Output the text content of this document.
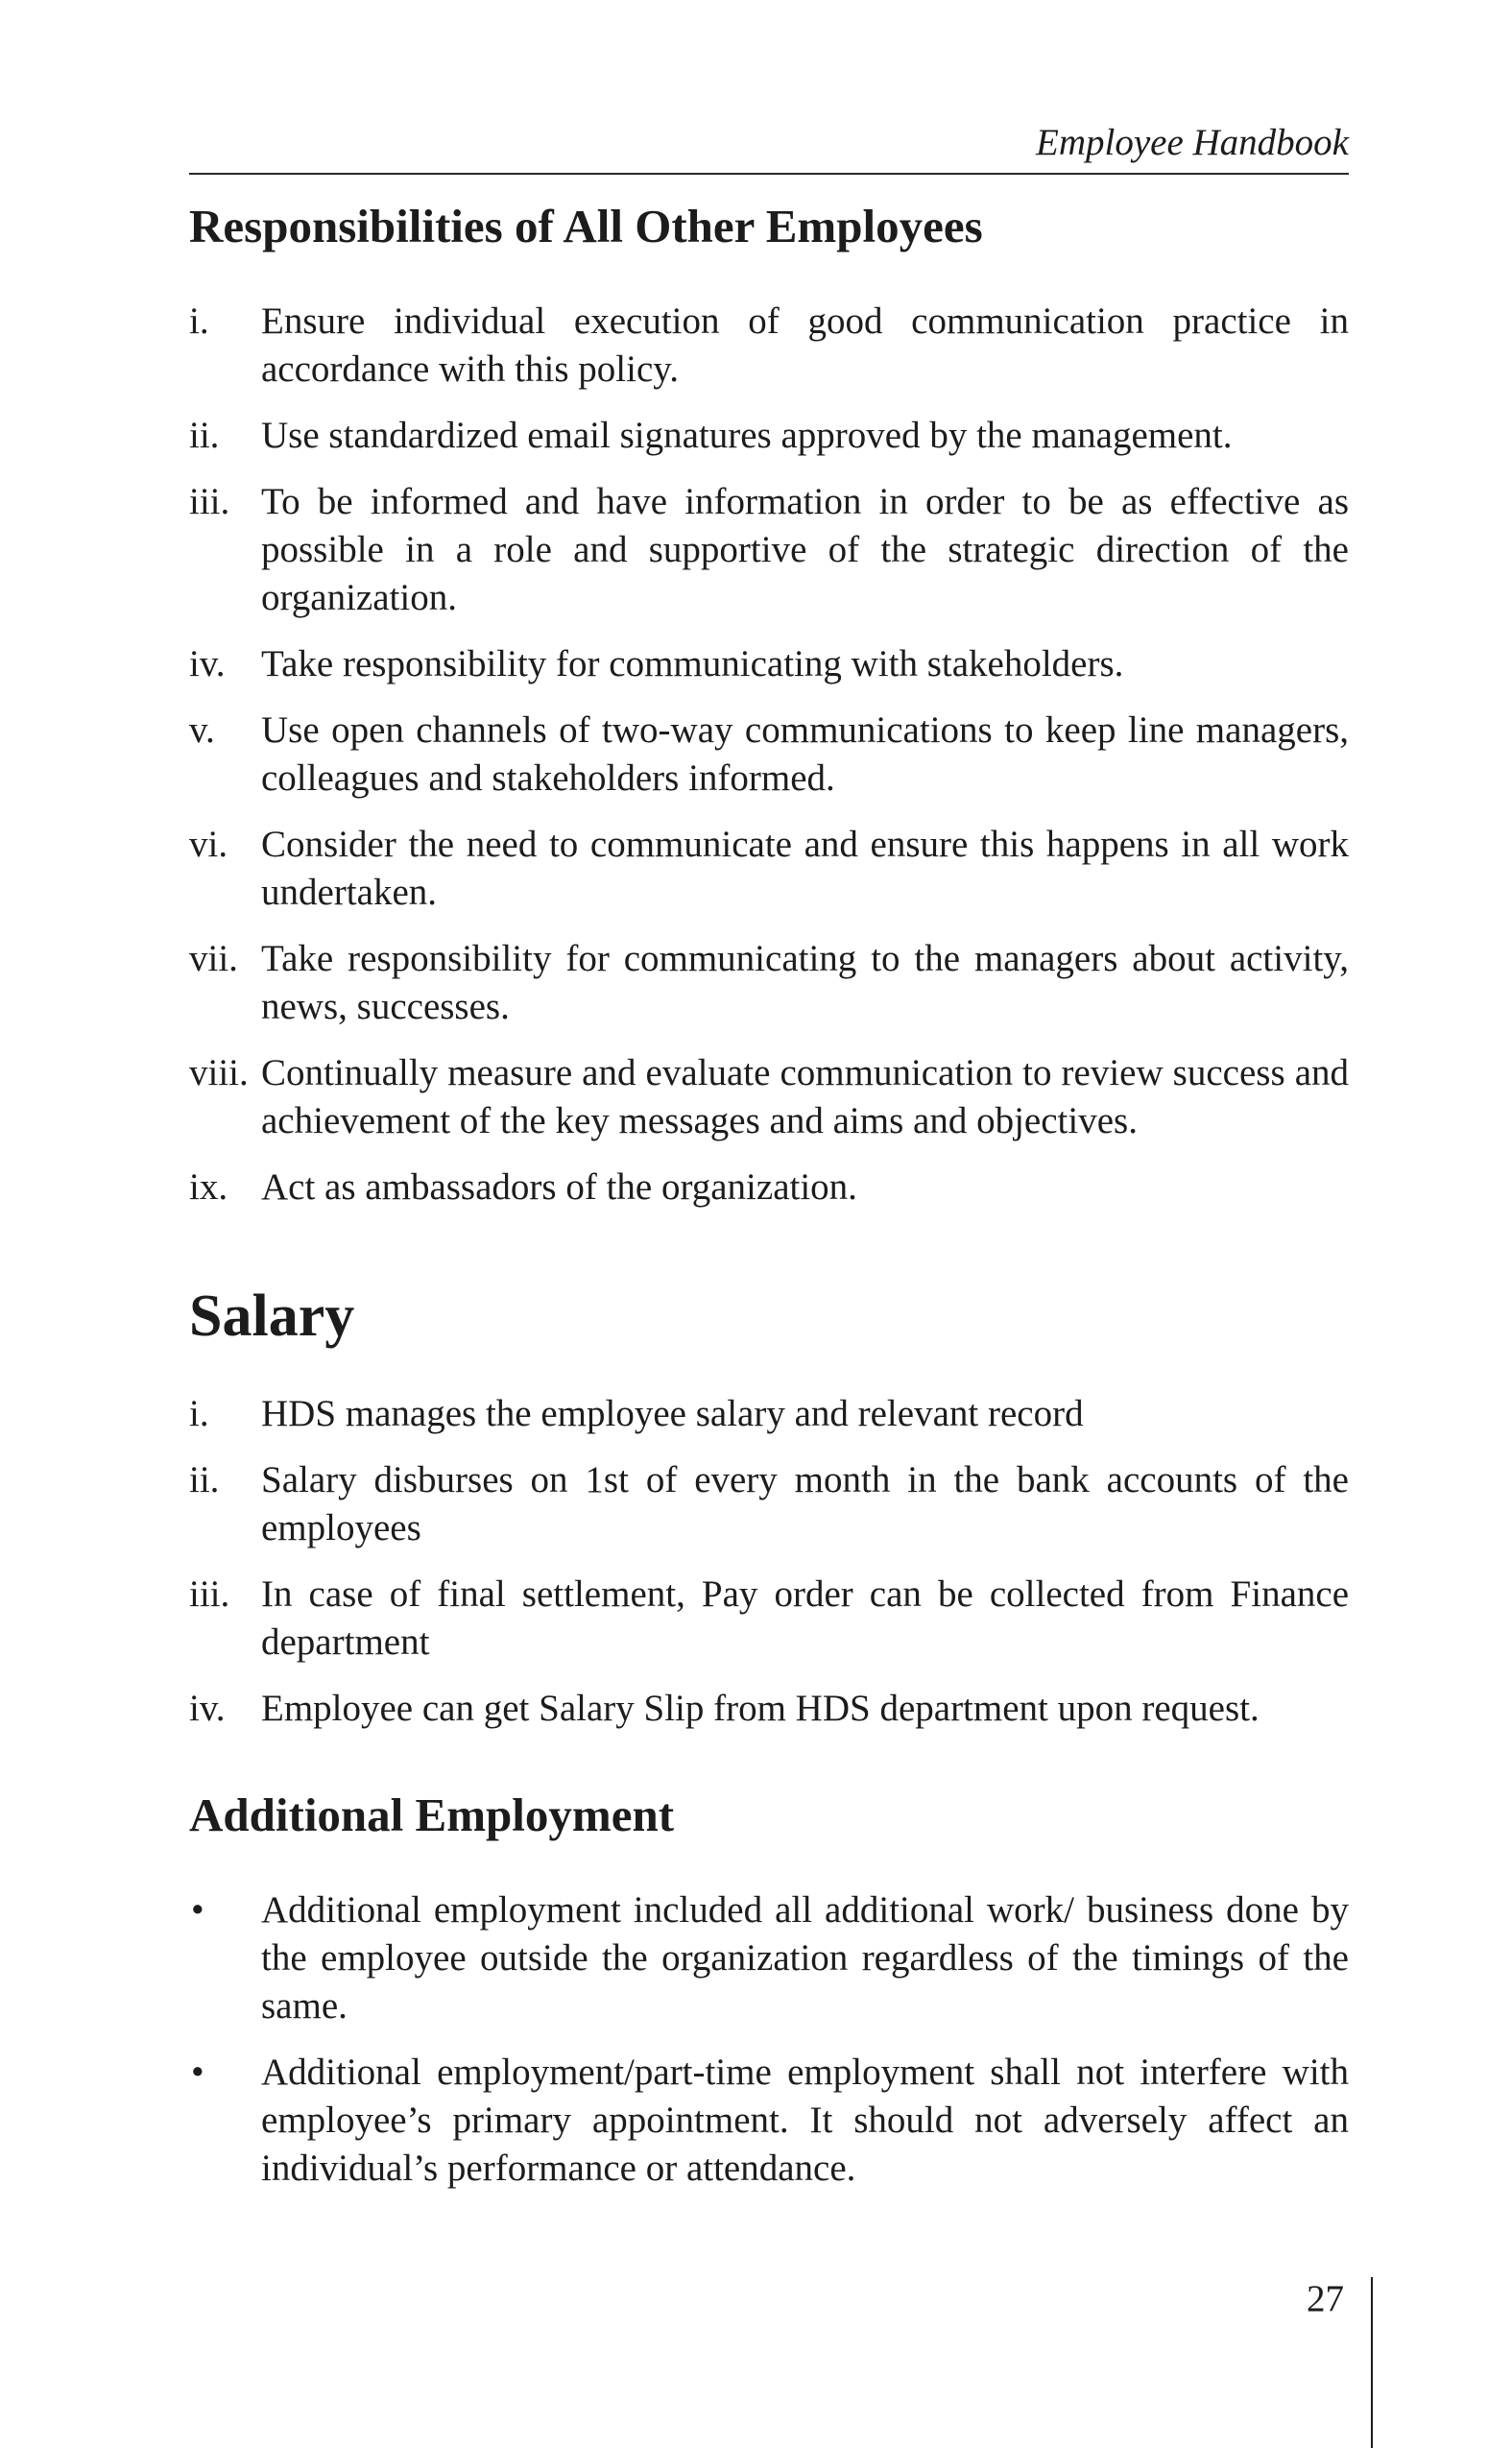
Employee Handbook
Responsibilities of All Other Employees
i. Ensure individual execution of good communication practice in accordance with this policy.
ii. Use standardized email signatures approved by the management.
iii. To be informed and have information in order to be as effective as possible in a role and supportive of the strategic direction of the organization.
iv. Take responsibility for communicating with stakeholders.
v. Use open channels of two-way communications to keep line managers, colleagues and stakeholders informed.
vi. Consider the need to communicate and ensure this happens in all work undertaken.
vii. Take responsibility for communicating to the managers about activity, news, successes.
viii. Continually measure and evaluate communication to review success and achievement of the key messages and aims and objectives.
ix. Act as ambassadors of the organization.
Salary
i. HDS manages the employee salary and relevant record
ii. Salary disburses on 1st of every month in the bank accounts of the employees
iii. In case of final settlement, Pay order can be collected from Finance department
iv. Employee can get Salary Slip from HDS department upon request.
Additional Employment
• Additional employment included all additional work/ business done by the employee outside the organization regardless of the timings of the same.
• Additional employment/part-time employment shall not interfere with employee’s primary appointment. It should not adversely affect an individual’s performance or attendance.
27
